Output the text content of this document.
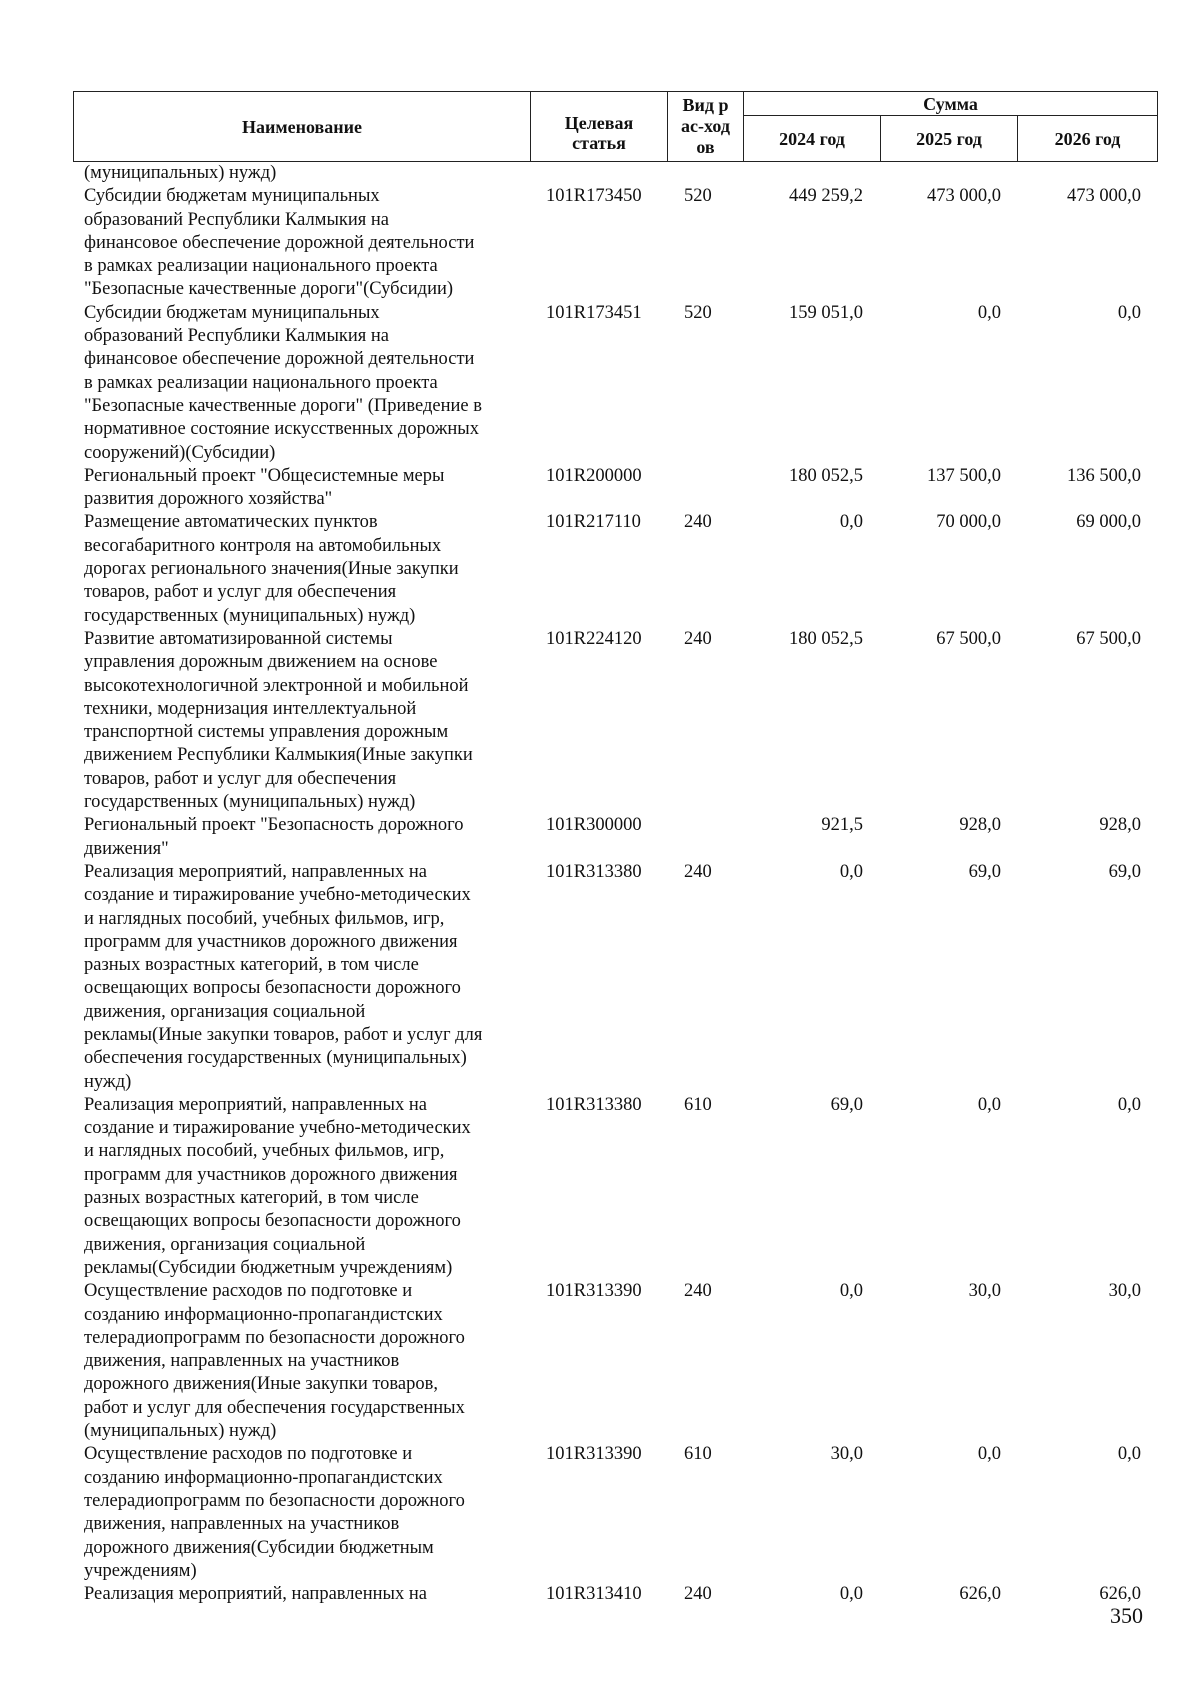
Наименование	Целевая статья	Вид рас-ходов	Сумма		
			2024 год	2025 год	2026 год
(муниципальных) нужд)
Субсидии бюджетам муниципальных
образований Республики Калмыкия на
финансовое обеспечение дорожной деятельности
в рамках реализации национального проекта
"Безопасные качественные дороги"(Субсидии)
101R173450 520	449 259,2	473 000,0	473 000,0
Субсидии бюджетам муниципальных
образований Республики Калмыкия на
финансовое обеспечение дорожной деятельности
в рамках реализации национального проекта
"Безопасные качественные дороги" (Приведение в
нормативное состояние искусственных дорожных
сооружений)(Субсидии)
101R173451 520	159 051,0	0,0	0,0
Региональный проект "Общесистемные меры
развития дорожного хозяйства"
101R200000	180 052,5	137 500,0	136 500,0
Размещение автоматических пунктов
весогабаритного контроля на автомобильных
дорогах регионального значения(Иные закупки
товаров, работ и услуг для обеспечения
государственных (муниципальных) нужд)
101R217110 240	0,0	70 000,0	69 000,0
Развитие автоматизированной системы
управления дорожным движением на основе
высокотехнологичной электронной и мобильной
техники, модернизация интеллектуальной
транспортной системы управления дорожным
движением Республики Калмыкия(Иные закупки
товаров, работ и услуг для обеспечения
государственных (муниципальных) нужд)
101R224120 240	180 052,5	67 500,0	67 500,0
Региональный проект "Безопасность дорожного
движения"
101R300000	921,5	928,0	928,0
Реализация мероприятий, направленных на
создание и тиражирование учебно-методических
и наглядных пособий, учебных фильмов, игр,
программ для участников дорожного движения
разных возрастных категорий, в том числе
освещающих вопросы безопасности дорожного
движения, организация социальной
рекламы(Иные закупки товаров, работ и услуг для
обеспечения государственных (муниципальных)
нужд)
101R313380 240	0,0	69,0	69,0
Реализация мероприятий, направленных на
создание и тиражирование учебно-методических
и наглядных пособий, учебных фильмов, игр,
программ для участников дорожного движения
разных возрастных категорий, в том числе
освещающих вопросы безопасности дорожного
движения, организация социальной
рекламы(Субсидии бюджетным учреждениям)
101R313380 610	69,0	0,0	0,0
Осуществление расходов по подготовке и
созданию информационно-пропагандистских
телерадиопрограмм по безопасности дорожного
движения, направленных на участников
дорожного движения(Иные закупки товаров,
работ и услуг для обеспечения государственных
(муниципальных) нужд)
101R313390 240	0,0	30,0	30,0
Осуществление расходов по подготовке и
созданию информационно-пропагандистских
телерадиопрограмм по безопасности дорожного
движения, направленных на участников
дорожного движения(Субсидии бюджетным
учреждениям)
101R313390 610	30,0	0,0	0,0
Реализация мероприятий, направленных на	101R313410 240	0,0	626,0	626,0
350
